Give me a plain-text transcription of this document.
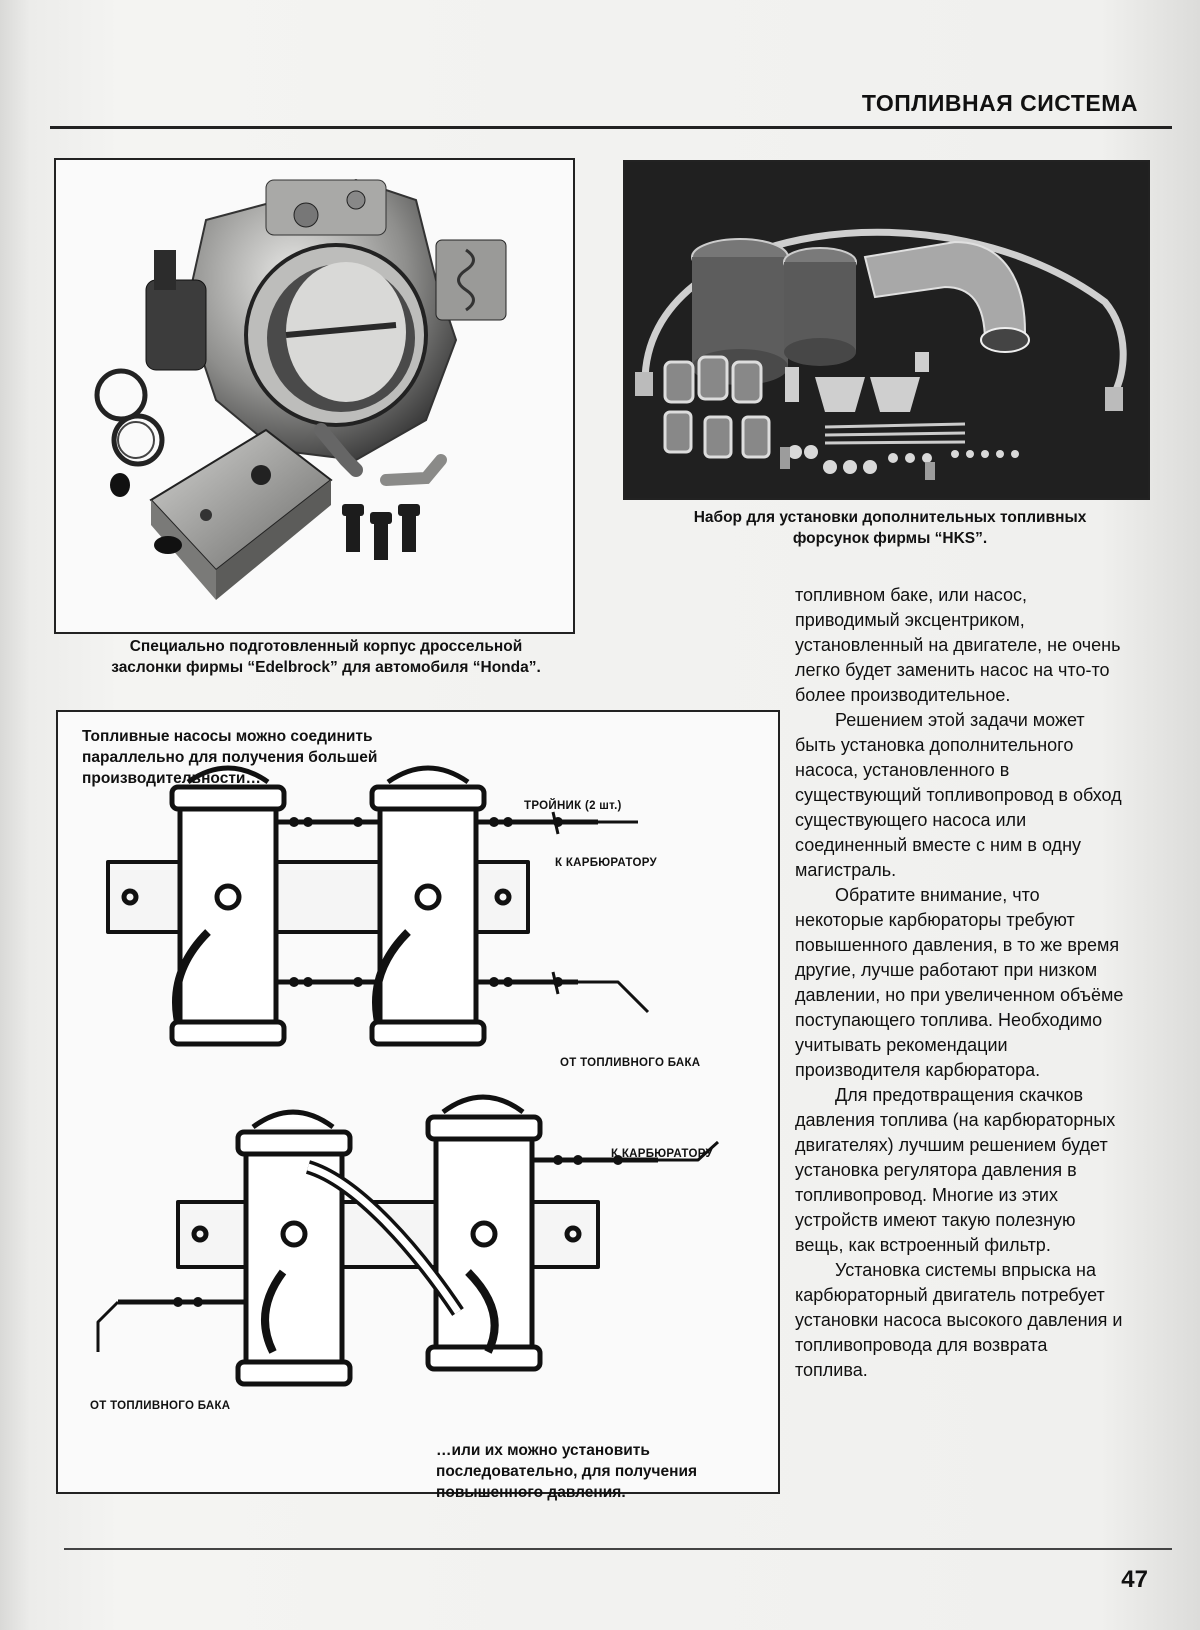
ТОПЛИВНАЯ СИСТЕМА
Специально подготовленный корпус дроссельной
заслонки фирмы “Edelbrock” для автомобиля “Honda”.
Набор для установки дополнительных топливных
форсунок фирмы “HKS”.
Топливные насосы можно соединить
параллельно для получения большей
производительности…
…или их можно установить
последовательно, для получения
повышенного давления.
ТРОЙНИК (2 шт.)
К КАРБЮРАТОРУ
ОТ ТОПЛИВНОГО БАКА
К КАРБЮРАТОРУ
ОТ ТОПЛИВНОГО БАКА

топливном баке, или насос, приводимый эксцентриком, установленный на двигателе, не очень легко будет заменить насос на что-то более производительное.

Решением этой задачи может быть установка дополнительного насоса, установленного в существующий топливопровод в обход существующего насоса или соединенный вместе с ним в одну магистраль.

Обратите внимание, что некоторые карбюраторы требуют повышенного давления, в то же время другие, лучше работают при низком давлении, но при увеличенном объёме поступающего топлива. Необходимо учитывать рекомендации производителя карбюратора.

Для предотвращения скачков давления топлива (на карбюраторных двигателях) лучшим решением будет установка регулятора давления в топливопровод. Многие из этих устройств имеют такую полезную вещь, как встроенный фильтр.

Установка системы впрыска на карбюраторный двигатель потребует установки насоса высокого давления и топливопровода для возврата топлива.

47
